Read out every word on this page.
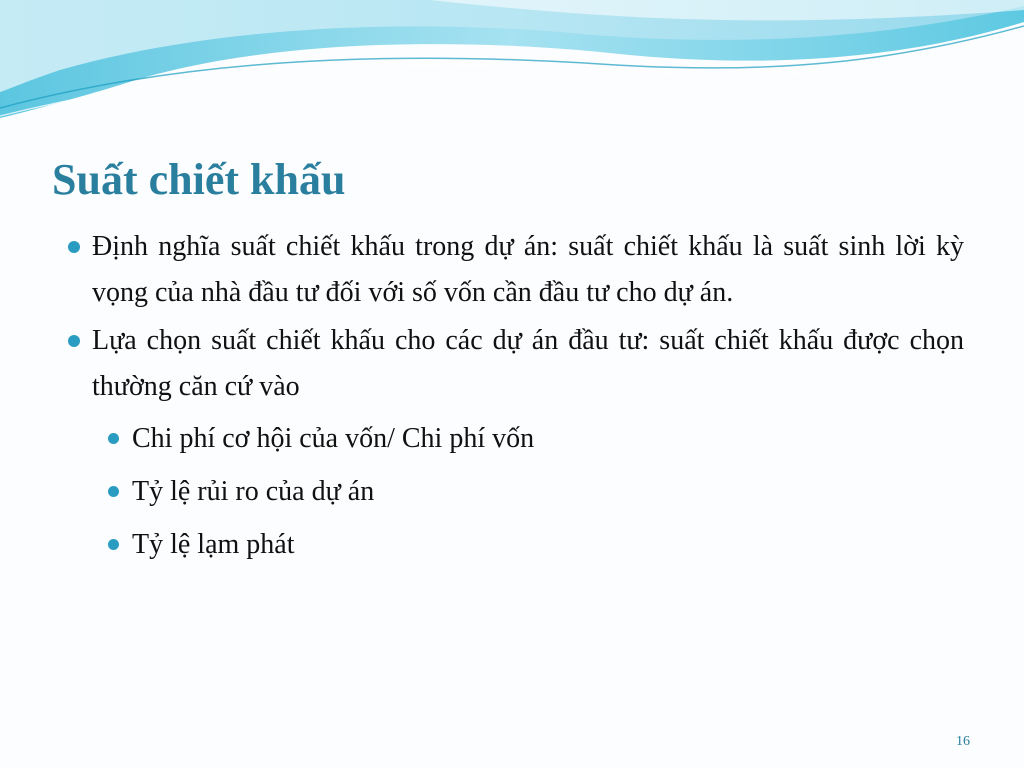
Suất chiết khấu

Định nghĩa suất chiết khấu trong dự án: suất chiết khấu là suất sinh lời kỳ vọng của nhà đầu tư đối với số vốn cần đầu tư cho dự án.

Lựa chọn suất chiết khấu cho các dự án đầu tư: suất chiết khấu được chọn thường căn cứ vào

Chi phí cơ hội của vốn/ Chi phí vốn
Tỷ lệ rủi ro của dự án
Tỷ lệ lạm phát
16
